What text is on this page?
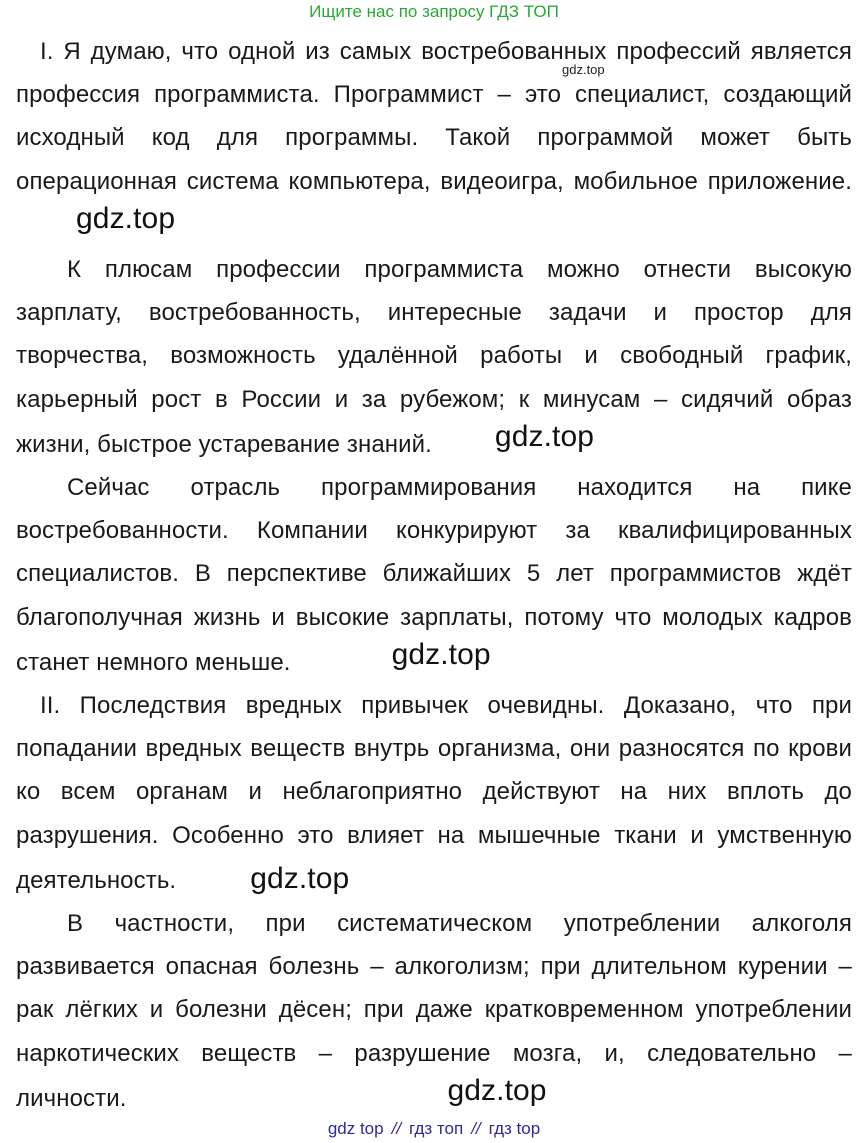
Ищите нас по запросу ГДЗ ТОП
gdz.top

I. Я думаю, что одной из самых востребованных профессий является профессия программиста. Программист – это специалист, создающий исходный код для программы. Такой программой может быть операционная система компьютера, видеоигра, мобильное приложение.gdz.top

К плюсам профессии программиста можно отнести высокую зарплату, востребованность, интересные задачи и простор для творчества, возможность удалённой работы и свободный график, карьерный рост в России и за рубежом; к минусам – сидячий образ жизни, быстрое устаревание знаний. gdz.top

Сейчас отрасль программирования находится на пике востребованности. Компании конкурируют за квалифицированных специалистов. В перспективе ближайших 5 лет программистов ждёт благополучная жизнь и высокие зарплаты, потому что молодых кадров станет немного меньше.	gdz.top

II. Последствия вредных привычек очевидны. Доказано, что при попадании вредных веществ внутрь организма, они разносятся по крови ко всем органам и неблагоприятно действуют на них вплоть до разрушения. Особенно это влияет на мышечные ткани и умственную деятельность. gdz.top

В частности, при систематическом употреблении алкоголя развивается опасная болезнь – алкоголизм; при длительном курении – рак лёгких и болезни дёсен; при даже кратковременном употреблении наркотических веществ – разрушение мозга, и, следовательно – личности.	gdz.top

gdz top // гдз топ // гдз top
